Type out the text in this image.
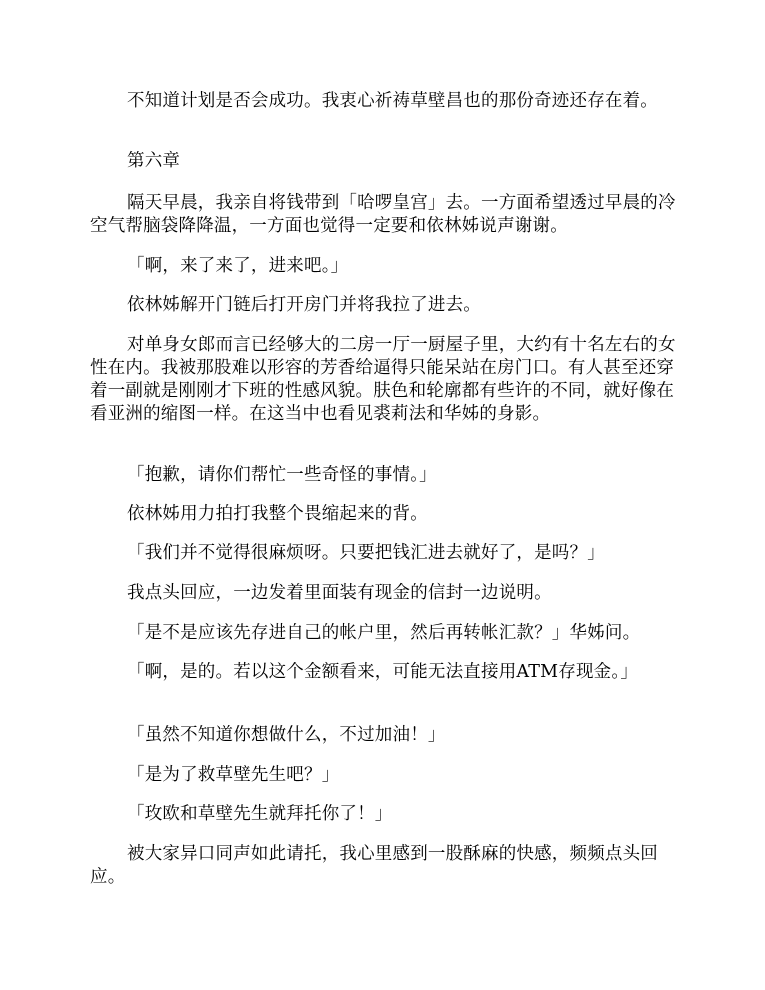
不知道计划是否会成功。我衷心祈祷草壁昌也的那份奇迹还存在着。

第六章

隔天早晨，我亲自将钱带到「哈啰皇宫」去。一方面希望透过早晨的冷空气帮脑袋降降温，一方面也觉得一定要和依林姊说声谢谢。

「啊，来了来了，进来吧。」

依林姊解开门链后打开房门并将我拉了进去。

对单身女郎而言已经够大的二房一厅一厨屋子里，大约有十名左右的女性在内。我被那股难以形容的芳香给逼得只能呆站在房门口。有人甚至还穿着一副就是刚刚才下班的性感风貌。肤色和轮廓都有些许的不同，就好像在看亚洲的缩图一样。在这当中也看见裘莉法和华姊的身影。

「抱歉，请你们帮忙一些奇怪的事情。」

依林姊用力拍打我整个畏缩起来的背。

「我们并不觉得很麻烦呀。只要把钱汇进去就好了，是吗？」

我点头回应，一边发着里面装有现金的信封一边说明。

「是不是应该先存进自己的帐户里，然后再转帐汇款？」华姊问。

「啊，是的。若以这个金额看来，可能无法直接用ATM存现金。」

「虽然不知道你想做什么，不过加油！」

「是为了救草壁先生吧？」

「玫欧和草壁先生就拜托你了！」

被大家异口同声如此请托，我心里感到一股酥麻的快感，频频点头回应。
